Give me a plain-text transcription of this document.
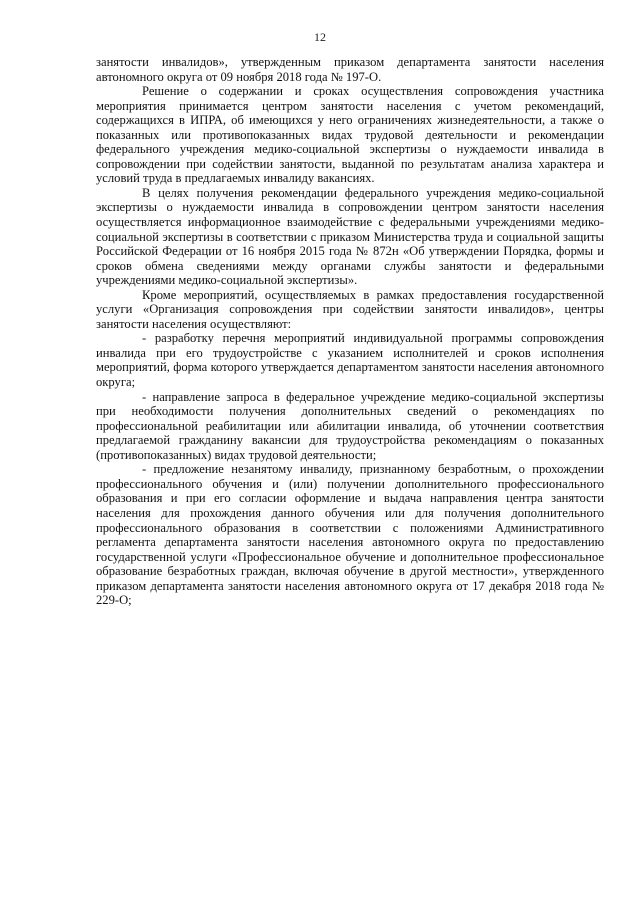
12

занятости инвалидов», утвержденным приказом департамента занятости населения автономного округа от 09 ноября 2018 года № 197-О.

Решение о содержании и сроках осуществления сопровождения участника мероприятия принимается центром занятости населения с учетом рекомендаций, содержащихся в ИПРА, об имеющихся у него ограничениях жизнедеятельности, а также о показанных или противопоказанных видах трудовой деятельности и рекомендации федерального учреждения медико-социальной экспертизы о нуждаемости инвалида в сопровождении при содействии занятости, выданной по результатам анализа характера и условий труда в предлагаемых инвалиду вакансиях.

В целях получения рекомендации федерального учреждения медико-социальной экспертизы о нуждаемости инвалида в сопровождении центром занятости населения осуществляется информационное взаимодействие с федеральными учреждениями медико-социальной экспертизы в соответствии с приказом Министерства труда и социальной защиты Российской Федерации от 16 ноября 2015 года № 872н «Об утверждении Порядка, формы и сроков обмена сведениями между органами службы занятости и федеральными учреждениями медико-социальной экспертизы».

Кроме мероприятий, осуществляемых в рамках предоставления государственной услуги «Организация сопровождения при содействии занятости инвалидов», центры занятости населения осуществляют:

- разработку перечня мероприятий индивидуальной программы сопровождения инвалида при его трудоустройстве с указанием исполнителей и сроков исполнения мероприятий, форма которого утверждается департаментом занятости населения автономного округа;

- направление запроса в федеральное учреждение медико-социальной экспертизы при необходимости получения дополнительных сведений о рекомендациях по профессиональной реабилитации или абилитации инвалида, об уточнении соответствия предлагаемой гражданину вакансии для трудоустройства рекомендациям о показанных (противопоказанных) видах трудовой деятельности;

- предложение незанятому инвалиду, признанному безработным, о прохождении профессионального обучения и (или) получении дополнительного профессионального образования и при его согласии оформление и выдача направления центра занятости населения для прохождения данного обучения или для получения дополнительного профессионального образования в соответствии с положениями Административного регламента департамента занятости населения автономного округа по предоставлению государственной услуги «Профессиональное обучение и дополнительное профессиональное образование безработных граждан, включая обучение в другой местности», утвержденного приказом департамента занятости населения автономного округа от 17 декабря 2018 года № 229-О;
